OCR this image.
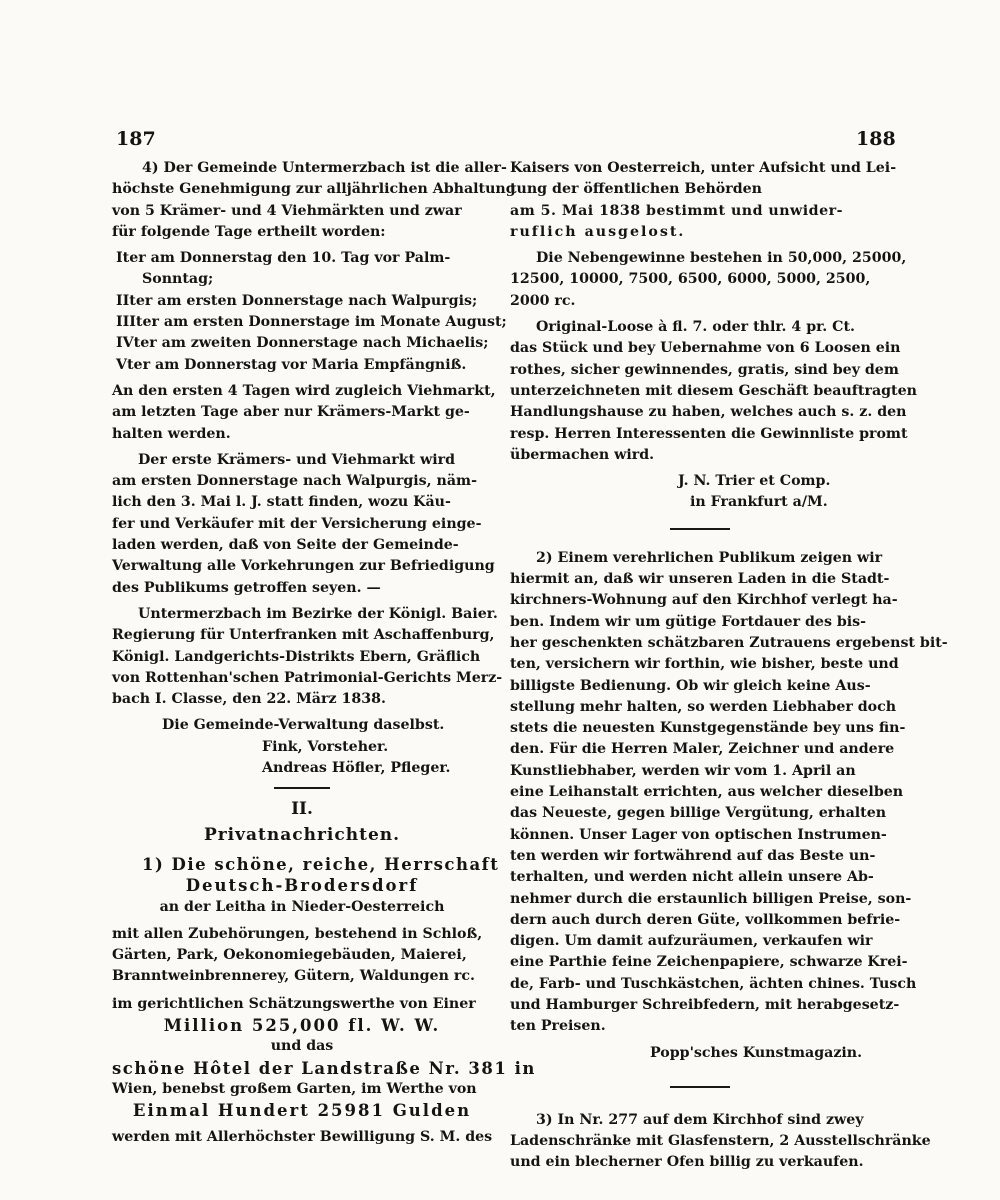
187	188
4) Der Gemeinde Untermerzbach ist die aller-
höchste Genehmigung zur alljährlichen Abhaltung
von 5 Krämer- und 4 Viehmärkten und zwar
für folgende Tage ertheilt worden:
Iter am Donnerstag den 10. Tag vor Palm-
Sonntag;
IIter am ersten Donnerstage nach Walpurgis;
IIIter am ersten Donnerstage im Monate August;
IVter am zweiten Donnerstage nach Michaelis;
Vter am Donnerstag vor Maria Empfängniß.
An den ersten 4 Tagen wird zugleich Viehmarkt,
am letzten Tage aber nur Krämers-Markt ge-
halten werden.
Der erste Krämers- und Viehmarkt wird
am ersten Donnerstage nach Walpurgis, näm-
lich den 3. Mai l. J. statt finden, wozu Käu-
fer und Verkäufer mit der Versicherung einge-
laden werden, daß von Seite der Gemeinde-
Verwaltung alle Vorkehrungen zur Befriedigung
des Publikums getroffen seyen. —
Untermerzbach im Bezirke der Königl. Baier.
Regierung für Unterfranken mit Aschaffenburg,
Königl. Landgerichts-Distrikts Ebern, Gräflich
von Rottenhan'schen Patrimonial-Gerichts Merz-
bach I. Classe, den 22. März 1838.
Die Gemeinde-Verwaltung daselbst.
Fink, Vorsteher.
Andreas Höfler, Pfleger.
II.
Privatnachrichten.
1) Die schöne, reiche, Herrschaft
Deutsch-Brodersdorf
an der Leitha in Nieder-Oesterreich
mit allen Zubehörungen, bestehend in Schloß,
Gärten, Park, Oekonomiegebäuden, Maierei,
Branntweinbrennerey, Gütern, Waldungen rc.
im gerichtlichen Schätzungswerthe von Einer
Million 525,000 fl. W. W.
und das
schöne Hôtel der Landstraße Nr. 381 in
Wien, benebst großem Garten, im Werthe von
Einmal Hundert 25981 Gulden
werden mit Allerhöchster Bewilligung S. M. des
Kaisers von Oesterreich, unter Aufsicht und Lei-
tung der öffentlichen Behörden
am 5. Mai 1838 bestimmt und unwider-
ruflich ausgelost.
Die Nebengewinne bestehen in 50,000, 25000,
12500, 10000, 7500, 6500, 6000, 5000, 2500,
2000 rc.
Original-Loose à fl. 7. oder thlr. 4 pr. Ct.
das Stück und bey Uebernahme von 6 Loosen ein
rothes, sicher gewinnendes, gratis, sind bey dem
unterzeichneten mit diesem Geschäft beauftragten
Handlungshause zu haben, welches auch s. z. den
resp. Herren Interessenten die Gewinnliste promt
übermachen wird.
J. N. Trier et Comp.
in Frankfurt a/M.
2) Einem verehrlichen Publikum zeigen wir
hiermit an, daß wir unseren Laden in die Stadt-
kirchners-Wohnung auf den Kirchhof verlegt ha-
ben. Indem wir um gütige Fortdauer des bis-
her geschenkten schätzbaren Zutrauens ergebenst bit-
ten, versichern wir forthin, wie bisher, beste und
billigste Bedienung. Ob wir gleich keine Aus-
stellung mehr halten, so werden Liebhaber doch
stets die neuesten Kunstgegenstände bey uns fin-
den. Für die Herren Maler, Zeichner und andere
Kunstliebhaber, werden wir vom 1. April an
eine Leihanstalt errichten, aus welcher dieselben
das Neueste, gegen billige Vergütung, erhalten
können. Unser Lager von optischen Instrumen-
ten werden wir fortwährend auf das Beste un-
terhalten, und werden nicht allein unsere Ab-
nehmer durch die erstaunlich billigen Preise, son-
dern auch durch deren Güte, vollkommen befrie-
digen. Um damit aufzuräumen, verkaufen wir
eine Parthie feine Zeichenpapiere, schwarze Krei-
de, Farb- und Tuschkästchen, ächten chines. Tusch
und Hamburger Schreibfedern, mit herabgesetz-
ten Preisen.
Popp'sches Kunstmagazin.
3) In Nr. 277 auf dem Kirchhof sind zwey
Ladenschränke mit Glasfenstern, 2 Ausstellschränke
und ein blecherner Ofen billig zu verkaufen.
